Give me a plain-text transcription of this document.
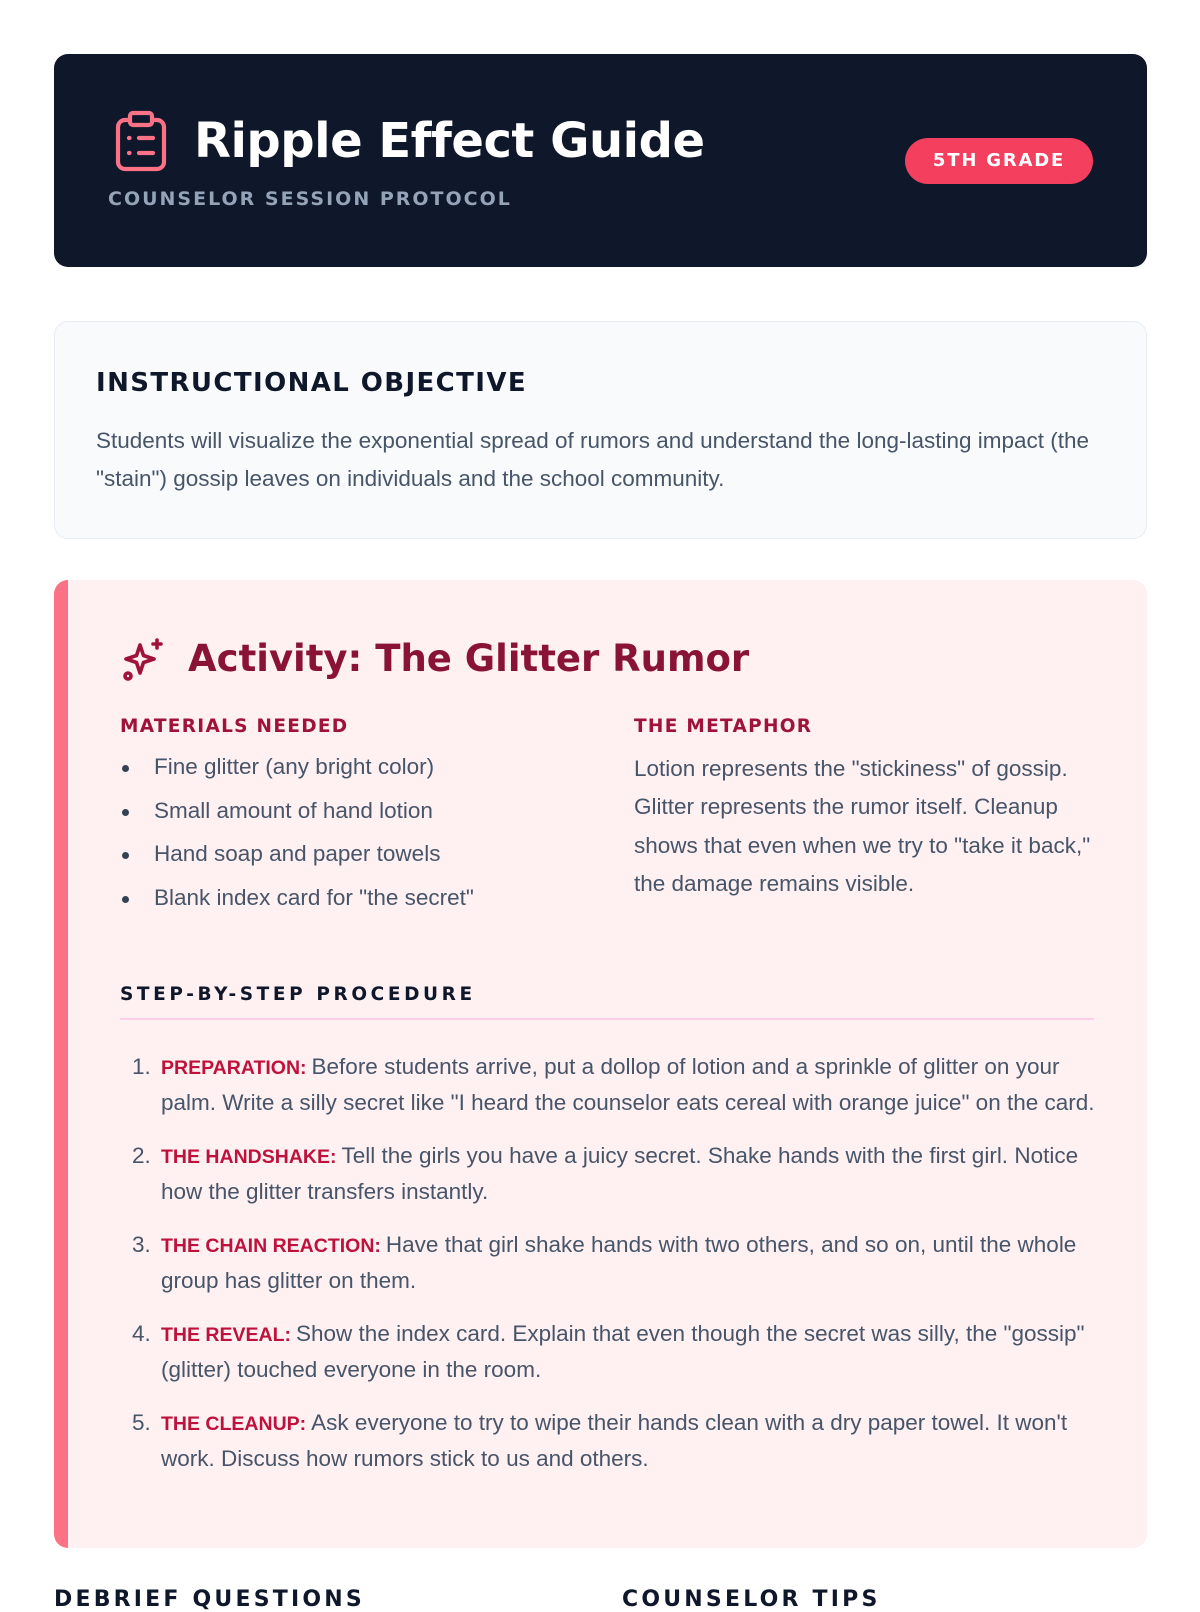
Ripple Effect Guide
COUNSELOR SESSION PROTOCOL
5TH GRADE
INSTRUCTIONAL OBJECTIVE

Students will visualize the exponential spread of rumors and understand the long-lasting impact (the "stain") gossip leaves on individuals and the school community.

Activity: The Glitter Rumor
MATERIALS NEEDED
Fine glitter (any bright color)
Small amount of hand lotion
Hand soap and paper towels
Blank index card for "the secret"
THE METAPHOR

Lotion represents the "stickiness" of gossip. Glitter represents the rumor itself. Cleanup shows that even when we try to "take it back," the damage remains visible.

STEP-BY-STEP PROCEDURE
1. PREPARATION: Before students arrive, put a dollop of lotion and a sprinkle of glitter on your palm. Write a silly secret like "I heard the counselor eats cereal with orange juice" on the card.
2. THE HANDSHAKE: Tell the girls you have a juicy secret. Shake hands with the first girl. Notice how the glitter transfers instantly.
3. THE CHAIN REACTION: Have that girl shake hands with two others, and so on, until the whole group has glitter on them.
4. THE REVEAL: Show the index card. Explain that even though the secret was silly, the "gossip" (glitter) touched everyone in the room.
5. THE CLEANUP: Ask everyone to try to wipe their hands clean with a dry paper towel. It won't work. Discuss how rumors stick to us and others.
DEBRIEF QUESTIONS	COUNSELOR TIPS
